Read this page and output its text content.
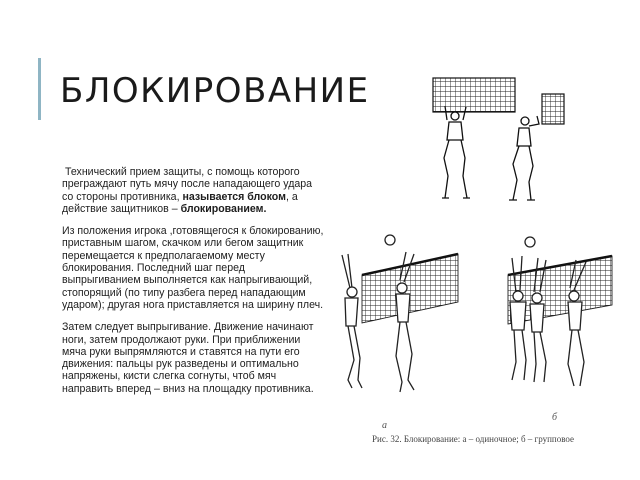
БЛОКИРОВАНИЕ

Технический прием защиты, с помощь которого преграждают путь мячу после нападающего удара со стороны противника, называется блоком, а действие защитников – блокированием.

Из положения игрока ,готовящегося к блокированию, приставным шагом, скачком или бегом защитник перемещается к предполагаемому месту блокирования. Последний шаг перед выпрыгиванием выполняется как напрыгивающий, стопорящий (по типу разбега перед нападающим ударом); другая нога приставляется на ширину плеч.

Затем следует выпрыгивание. Движение начинают ноги, затем продолжают руки. При приближении мяча руки выпрямляются и ставятся на пути его движения: пальцы рук разведены и оптимально напряжены, кисти слегка согнуты, чтоб мяч направить вперед – вниз на площадку противника.

а
б
Рис. 32. Блокирование: а – одиночное; б – групповое
